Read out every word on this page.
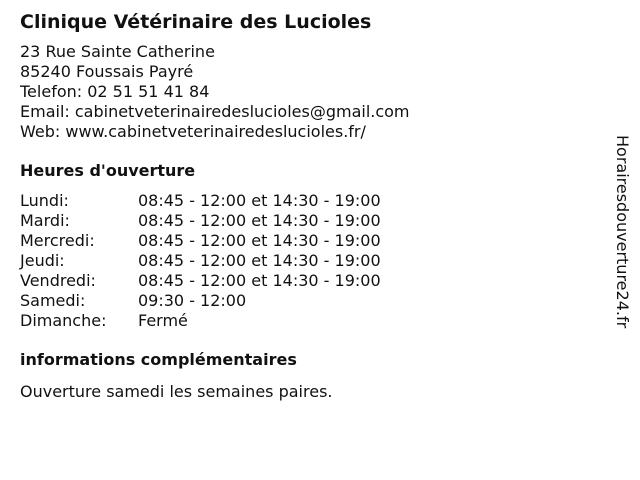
Clinique Vétérinaire des Lucioles
23 Rue Sainte Catherine
85240 Foussais Payré
Telefon: 02 51 51 41 84
Email: cabinetveterinairedeslucioles@gmail.com
Web: www.cabinetveterinairedeslucioles.fr/
Heures d'ouverture
Lundi:	08:45 - 12:00 et 14:30 - 19:00
Mardi:	08:45 - 12:00 et 14:30 - 19:00
Mercredi:	08:45 - 12:00 et 14:30 - 19:00
Jeudi:	08:45 - 12:00 et 14:30 - 19:00
Vendredi:	08:45 - 12:00 et 14:30 - 19:00
Samedi:	09:30 - 12:00
Dimanche:	Fermé
informations complémentaires
Ouverture samedi les semaines paires.
Horairesdouverture24.fr
